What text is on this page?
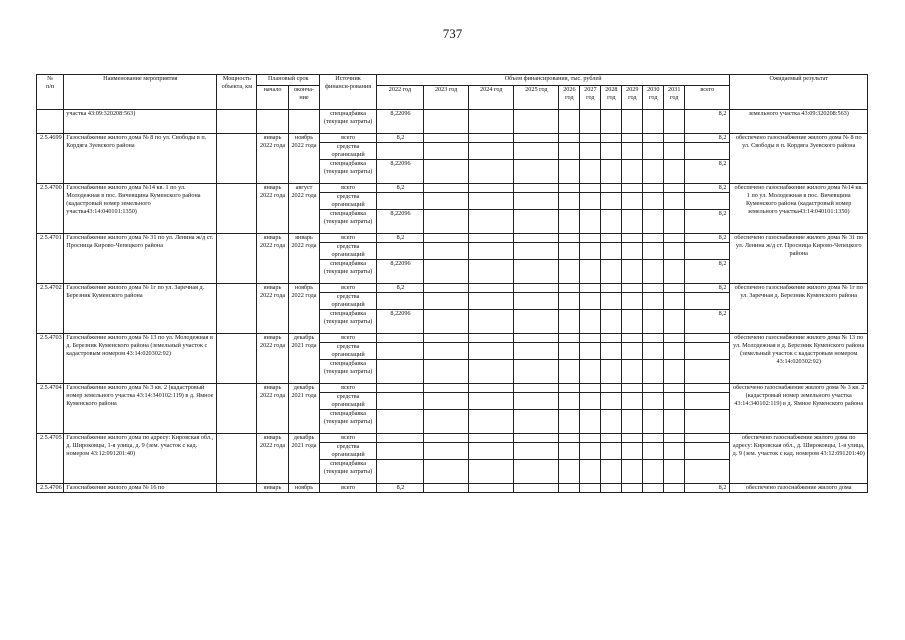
737
№
п/п	Наименование мероприятия	Мощность объекта, км	Плановый срок		Источник финанси-рования	Объем финансирования, тыс. рублей											Ожидаемый результат
			начало	оконча-ние		2022 год	2023 год	2024 год	2025 год	2026 год	2027 год	2028 год	2029 год	2030 год	2031 год	всего	

	участка 43:09:320208:563)				спецнадбавка (текущие затраты)	8,22096										8,2	земельного участка 43:09:320208:563)
2.5.4699	Газоснабжение жилого дома № 8 по ул. Свободы в п. Кордяга Зуевского района		январь 2022 года	ноябрь 2022 года	всего	8,2										8,2	обеспечено газоснабжение жилого дома № 8 по ул. Свободы в п. Кордяга Зуевского района
					средства организаций												
					спецнадбавка (текущие затраты)	8,22096										8,2	
2.5.4700	Газоснабжение жилого дома №14 кв. 1 по ул. Молодежная в пос. Вичевщина Куменского района (кадастровый номер земельного участка43:14:040101:1350)		январь 2022 года	август 2022 года	всего	8,2										8,2	обеспечено газоснабжение жилого дома №14 кв. 1 по ул. Молодежная в пос. Вичевщина Куменского района (кадастровый номер земельного участка43:14:040101:1350)
					средства организаций												
					спецнадбавка (текущие затраты)	8,22096										8,2	
2.5.4701	Газоснабжение жилого дома № 31 по ул. Ленина ж/д ст. Просница Кирово-Чепецкого района		январь 2022 года	январь 2022 года	всего	8,2										8,2	обеспечено газоснабжение жилого дома № 31 по ул. Ленина ж/д ст. Просница Кирово-Чепецкого района
					средства организаций												
					спецнадбавка (текущие затраты)	8,22096										8,2	
2.5.4702	Газоснабжение жилого дома № 1г по ул. Заречная д. Березник Куменского района		январь 2022 года	ноябрь 2022 года	всего	8,2										8,2	обеспечено газоснабжение жилого дома № 1г по ул. Заречная д. Березник Куменского района
					средства организаций												
					спецнадбавка (текущие затраты)	8,22096										8,2	
2.5.4703	Газоснабжение жилого дома № 13 по ул. Молодежная в д. Березник Куменского района (земельный участок с кадастровым номером 43:14:020302:92)		январь 2022 года	декабрь 2021 года	всего												обеспечено газоснабжение жилого дома № 13 по ул. Молодежная в д. Березник Куменского района (земельный участок с кадастровым номером 43:14:020302:92)
					средства организаций												
					спецнадбавка (текущие затраты)												
2.5.4704	Газоснабжение жилого дома № 3 кв. 2 (кадастровый номер земельного участка 43:14:340102:119) в д. Ямное Куменского района		январь 2022 года	декабрь 2021 года	всего												обеспечено газоснабжение жилого дома № 3 кв. 2 (кадастровый номер земельного участка 43:14:340102:119) в д. Ямное Куменского района
					средства организаций												
					спецнадбавка (текущие затраты)												
2.5.4705	Газоснабжение жилого дома по адресу: Кировская обл., д. Шиpоковцы, 1-я улица, д. 9 (зем. участок с кад. номером 43:12:091201:40)		январь 2022 года	декабрь 2021 года	всего												обеспечено газоснабжение жилого дома по адресу: Кировская обл., д. Широковцы, 1-я улица, д. 9 (зем. участок с кад. номером 43:12:091201:40)
					средства организаций												
					спецнадбавка (текущие затраты)												
2.5.4706	Газоснабжение жилого дома № 16 по		январь	ноябрь	всего	8,2										8,2	обеспечено газоснабжение жилого дома
